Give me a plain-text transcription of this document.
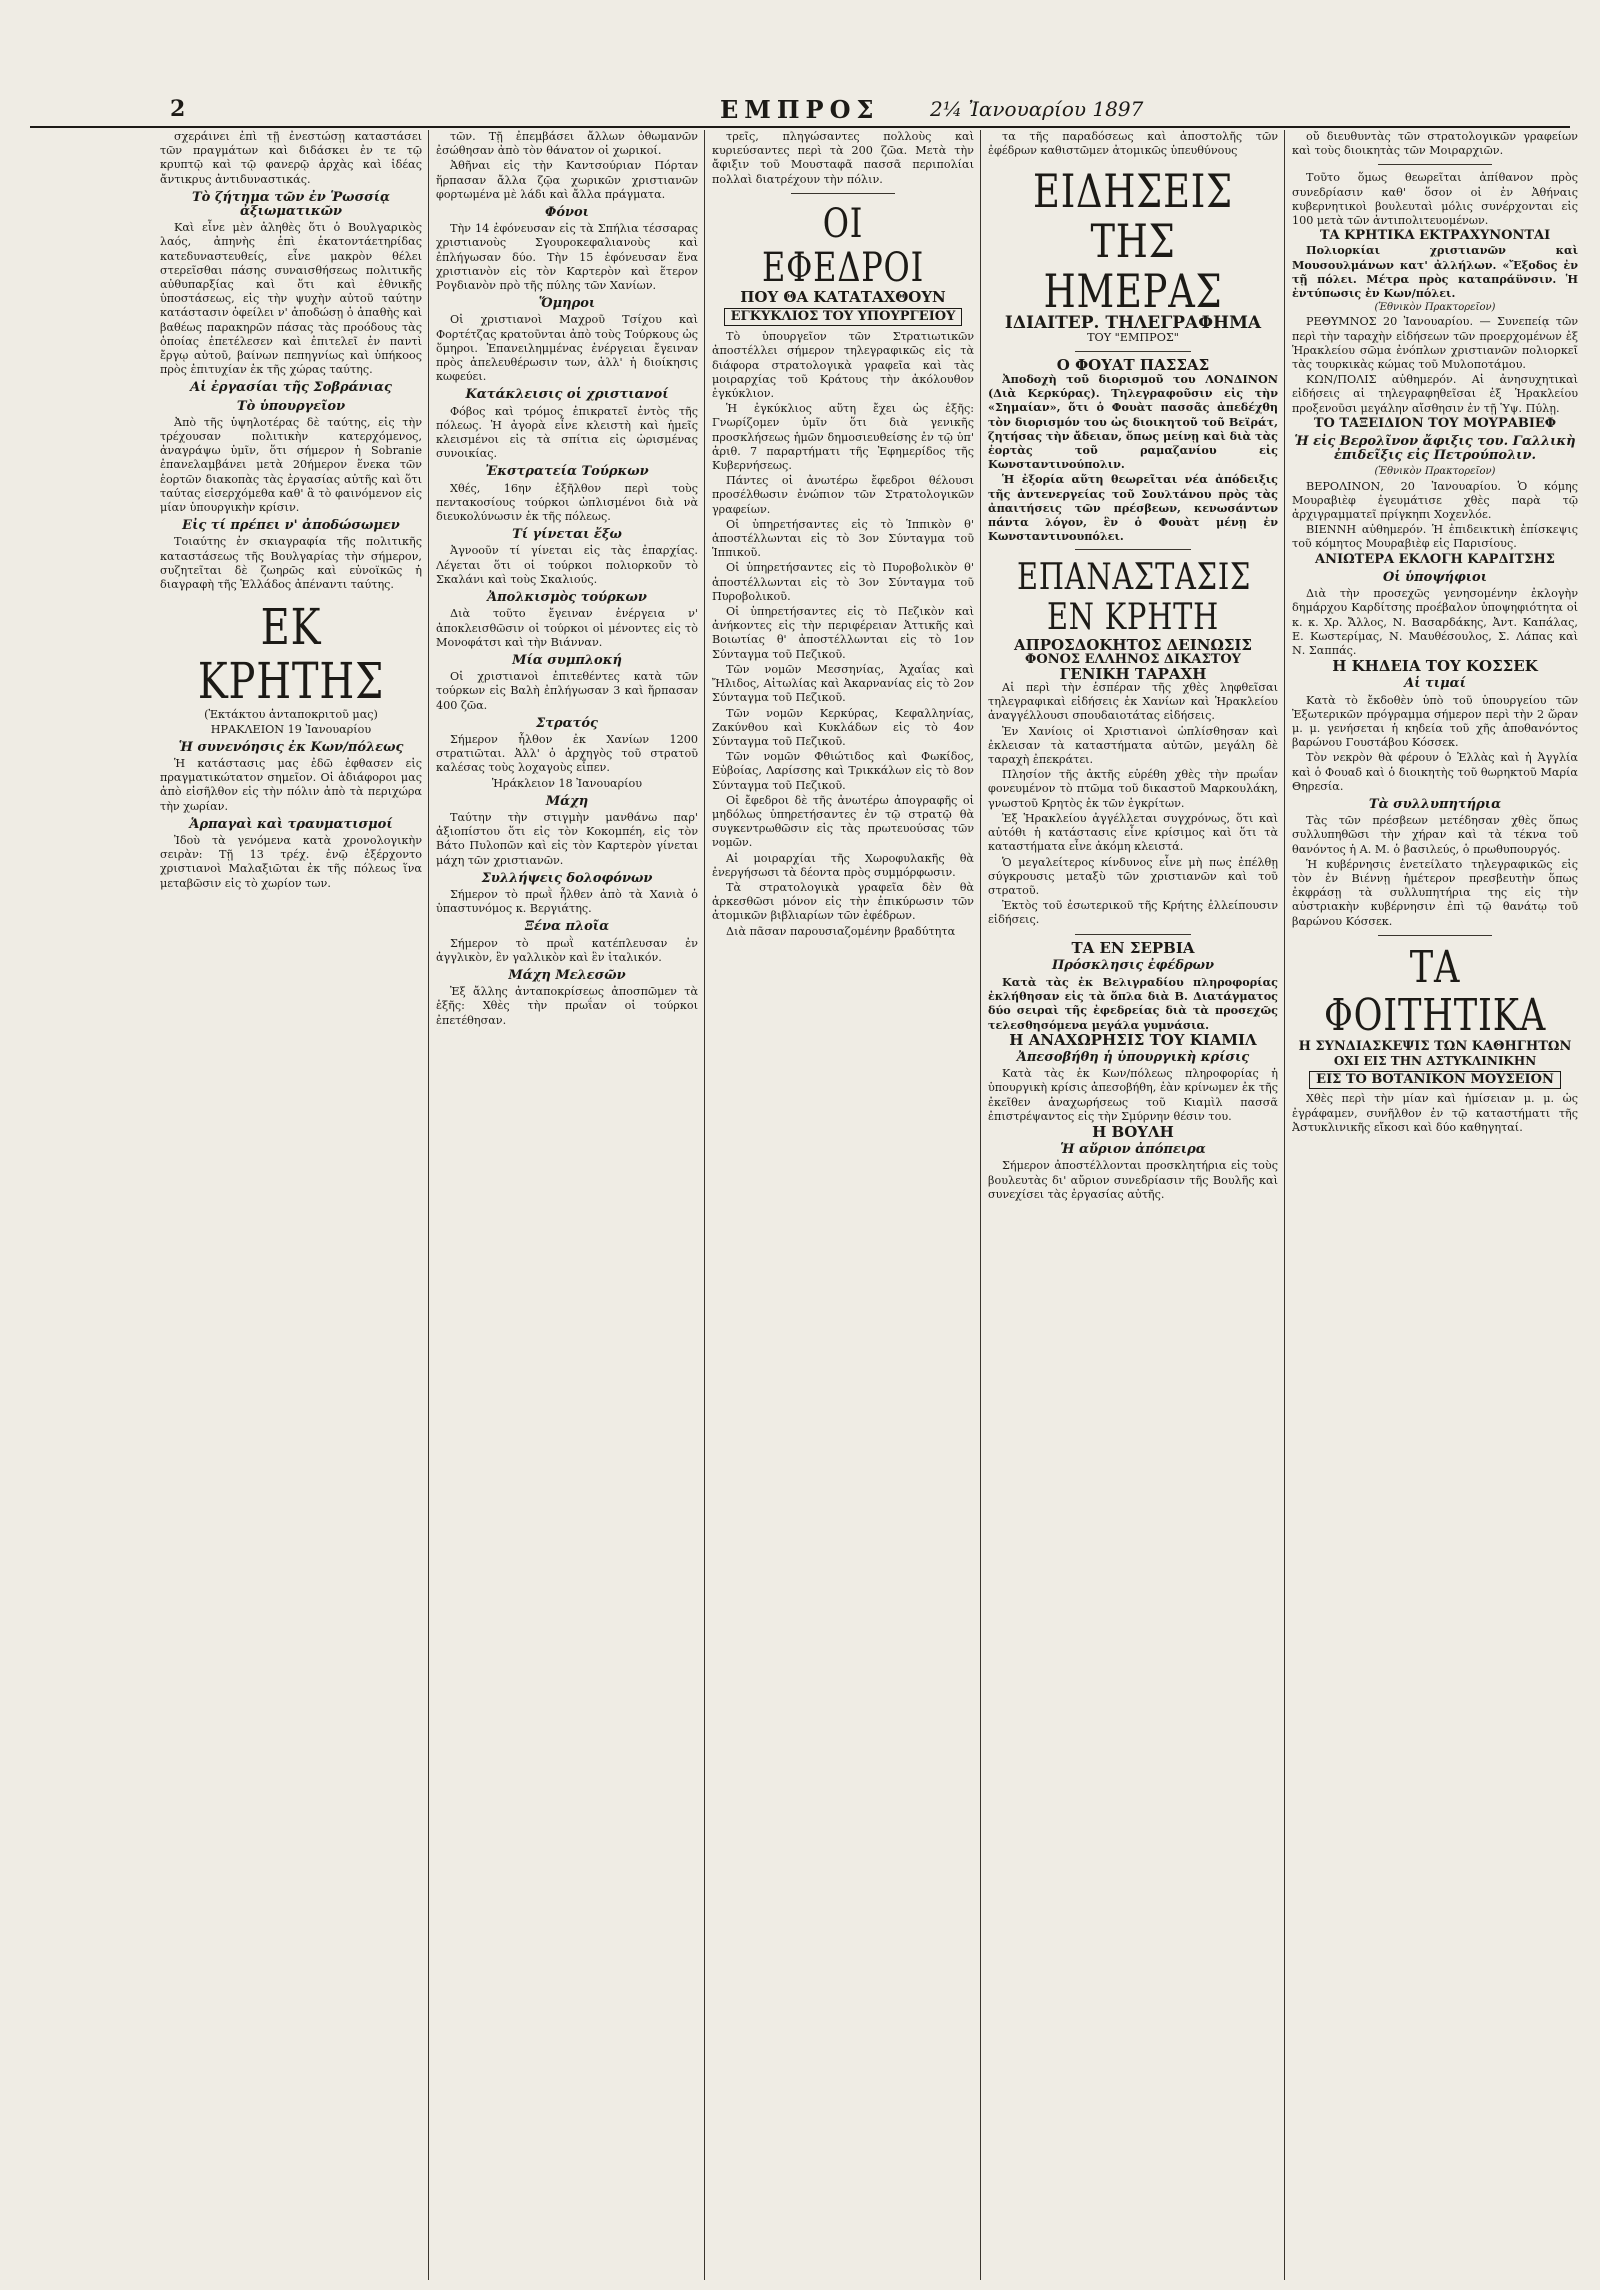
2	ΕΜΠΡΟΣ	2¼ Ἰανουαρίου 1897

σχεράινει ἐπὶ τῇ ἐνεστώσῃ καταστάσει τῶν πραγμάτων καὶ διδάσκει ἐν τε τῷ κρυπτῷ καὶ τῷ φανερῷ ἀρχὰς καὶ ἰδέας ἄντικρυς ἀντιδυναστικάς.

Τὸ ζήτημα τῶν ἐν Ῥωσσίᾳ ἀξιωματικῶν

Καὶ εἶνε μὲν ἀληθὲς ὅτι ὁ Βουλγαρικὸς λαός, ἀπηνὴς ἐπὶ ἑκατοντάετηρίδας κατεδυναστευθείς, εἶνε μακρὸν θέλει στερεῖσθαι πάσης συναισθήσεως πολιτικῆς αὐθυπαρξίας καὶ ὅτι καὶ ἐθνικῆς ὑποστάσεως, εἰς τὴν ψυχὴν αὐτοῦ ταύτην κατάστασιν ὀφείλει ν' ἀποδώσῃ ὁ ἀπαθὴς καὶ βαθέως παρακηρῶν πάσας τὰς προόδους τὰς ὁποίας ἐπετέλεσεν καὶ ἐπιτελεῖ ἐν παντὶ ἔργῳ αὐτοῦ, βαίνων πεπηγνίως καὶ ὑπήκοος πρὸς ἐπιτυχίαν ἐκ τῆς χώρας ταύτης.

Αἱ ἐργασίαι τῆς Σοβράνιας
Τὸ ὑπουργεῖον

Ἀπὸ τῆς ὑψηλοτέρας δὲ ταύτης, εἰς τὴν τρέχουσαν πολιτικὴν κατερχόμενος, ἀναγράψω ὑμῖν, ὅτι σήμερον ἡ Sobranie ἐπανελαμβάνει μετὰ 20ήμερον ἕνεκα τῶν ἑορτῶν διακοπὰς τὰς ἐργασίας αὐτῆς καὶ ὅτι ταύτας εἰσερχόμεθα καθ' ἃ τὸ φαινόμενον εἰς μίαν ὑπουργικὴν κρίσιν.

Εἰς τί πρέπει ν' ἀποδώσωμεν

Τοιαύτης ἐν σκιαγραφία τῆς πολιτικῆς καταστάσεως τῆς Βουλγαρίας τὴν σήμερον, συζητεῖται δὲ ζωηρῶς καὶ εὐνοϊκῶς ἡ διαγραφὴ τῆς Ἑλλάδος ἀπέναντι ταύτης.

ΕΚ ΚΡΗΤΗΣ
(Ἐκτάκτου ἀνταποκριτοῦ μας)
ΗΡΑΚΛΕΙΟΝ 19 Ἰανουαρίου
Ἡ συνενόησις ἐκ Κων/πόλεως

Ἡ κατάστασις μας ἐδῶ ἐφθασεν εἰς πραγματικώτατον σημεῖον. Οἱ ἀδιάφοροι μας ἀπὸ εἰσῆλθον εἰς τὴν πόλιν ἀπὸ τὰ περιχώρα τὴν χωρίαν.

Ἁρπαγαὶ καὶ τραυματισμοί

Ἰδοὺ τὰ γενόμενα κατὰ χρονολογικὴν σειρὰν: Τῇ 13 τρέχ. ἐνῷ ἐξέρχοντο χριστιανοὶ Μαλαξιῶται ἐκ τῆς πόλεως ἵνα μεταβῶσιν εἰς τὸ χωρίον των.

τῶν. Τῇ ἐπεμβάσει ἄλλων ὀθωμανῶν ἐσώθησαν ἀπὸ τὸν θάνατον οἱ χωρικοί.

Ἀθῆναι εἰς τὴν Καντσούριαν Πόρταν ἥρπασαν ἄλλα ζῷα χωρικῶν χριστιανῶν φορτωμένα μὲ λάδι καὶ ἄλλα πράγματα.

Φόνοι

Τὴν 14 ἐφόνευσαν εἰς τὰ Σπήλια τέσσαρας χριστιανοὺς Σγουροκεφαλιανοὺς καὶ ἐπλήγωσαν δύο. Τὴν 15 ἐφόνευσαν ἕνα χριστιανὸν εἰς τὸν Καρτερὸν καὶ ἕτερον Ρογδιανὸν πρὸ τῆς πύλης τῶν Χανίων.

Ὅμηροι

Οἱ χριστιανοὶ Μαχροῦ Τσίχου καὶ Φορτέτζας κρατοῦνται ἀπὸ τοὺς Τούρκους ὡς ὅμηροι. Ἐπανειλημμένας ἐνέργειαι ἔγειναν πρὸς ἀπελευθέρωσιν των, ἀλλ' ἡ διοίκησις κωφεύει.

Κατάκλεισις οἱ χριστιανοί

Φόβος καὶ τρόμος ἐπικρατεῖ ἐντὸς τῆς πόλεως. Ἡ ἀγορὰ εἶνε κλειστὴ καὶ ἡμεῖς κλεισμένοι εἰς τὰ σπίτια εἰς ὡρισμένας συνοικίας.

Ἐκστρατεία Τούρκων

Χθές, 16ην ἐξῆλθον περὶ τοὺς πεντακοσίους τούρκοι ὡπλισμένοι διὰ νὰ διευκολύνωσιν ἐκ τῆς πόλεως.

Τί γίνεται ἔξω

Ἀγνοοῦν τί γίνεται εἰς τὰς ἐπαρχίας. Λέγεται ὅτι οἱ τούρκοι πολιορκοῦν τὸ Σκαλάνι καὶ τοὺς Σκαλιούς.

Ἀπολκισμὸς τούρκων

Διὰ τοῦτο ἔγειναν ἐνέργεια ν' ἀποκλεισθῶσιν οἱ τούρκοι οἱ μένοντες εἰς τὸ Μονοφάτσι καὶ τὴν Βιάνναν.

Μία συμπλοκή

Οἱ χριστιανοὶ ἐπιτεθέντες κατὰ τῶν τούρκων εἰς Βαλὴ ἐπλήγωσαν 3 καὶ ἥρπασαν 400 ζῶα.

Στρατός

Σήμερον ἦλθον ἐκ Χανίων 1200 στρατιῶται. Ἀλλ' ὁ ἀρχηγὸς τοῦ στρατοῦ καλέσας τοὺς λοχαγοὺς εἶπεν.

Ἡράκλειον 18 Ἰανουαρίου
Μάχη

Ταύτην τὴν στιγμὴν μανθάνω παρ' ἀξιοπίστου ὅτι εἰς τὸν Κοκομπέη, εἰς τὸν Βάτο Πυλοπῶν καὶ εἰς τὸν Καρτερὸν γίνεται μάχη τῶν χριστιανῶν.

Συλλήψεις δολοφόνων

Σήμερον τὸ πρωῒ ἦλθεν ἀπὸ τὰ Χανιὰ ὁ ὑπαστυνόμος κ. Βεργιάτης.

Ξένα πλοῖα

Σήμερον τὸ πρωῒ κατέπλευσαν ἐν ἀγγλικὸν, ἓν γαλλικὸν καὶ ἓν ἰταλικόν.

Μάχη Μελεσῶν

Ἐξ ἄλλης ἀνταποκρίσεως ἀποσπῶμεν τὰ ἑξῆς: Χθὲς τὴν πρωΐαν οἱ τούρκοι ἐπετέθησαν.

τρεῖς, πληγώσαντες πολλοὺς καὶ κυριεύσαντες περὶ τὰ 200 ζῶα. Μετὰ τὴν ἄφιξιν τοῦ Μουσταφᾶ πασσᾶ περιπολίαι πολλαὶ διατρέχουν τὴν πόλιν.

ΟΙ ΕΦΕΔΡΟΙ
ΠΟΥ ΘΑ ΚΑΤΑΤΑΧΘΟΥΝ
ΕΓΚΥΚΛΙΟΣ ΤΟΥ ΥΠΟΥΡΓΕΙΟΥ

Τὸ ὑπουργεῖον τῶν Στρατιωτικῶν ἀποστέλλει σήμερον τηλεγραφικῶς εἰς τὰ διάφορα στρατολογικὰ γραφεῖα καὶ τὰς μοιραρχίας τοῦ Κράτους τὴν ἀκόλουθον ἐγκύκλιον.

Ἡ ἐγκύκλιος αὕτη ἔχει ὡς ἑξῆς: Γνωρίζομεν ὑμῖν ὅτι διὰ γενικῆς προσκλήσεως ἡμῶν δημοσιευθείσης ἐν τῷ ὑπ' ἀριθ. 7 παραρτήματι τῆς Ἐφημερίδος τῆς Κυβερνήσεως.

Πάντες οἱ ἀνωτέρω ἔφεδροι θέλουσι προσέλθωσιν ἐνώπιον τῶν Στρατολογικῶν γραφείων.

Οἱ ὑπηρετήσαντες εἰς τὸ Ἱππικὸν θ' ἀποστέλλωνται εἰς τὸ 3ον Σύνταγμα τοῦ Ἱππικοῦ.

Οἱ ὑπηρετήσαντες εἰς τὸ Πυροβολικὸν θ' ἀποστέλλωνται εἰς τὸ 3ον Σύνταγμα τοῦ Πυροβολικοῦ.

Οἱ ὑπηρετήσαντες εἰς τὸ Πεζικὸν καὶ ἀνήκοντες εἰς τὴν περιφέρειαν Ἀττικῆς καὶ Βοιωτίας θ' ἀποστέλλωνται εἰς τὸ 1ον Σύνταγμα τοῦ Πεζικοῦ.

Τῶν νομῶν Μεσσηνίας, Ἀχαΐας καὶ Ἤλιδος, Αἰτωλίας καὶ Ἀκαρνανίας εἰς τὸ 2ον Σύνταγμα τοῦ Πεζικοῦ.

Τῶν νομῶν Κερκύρας, Κεφαλληνίας, Ζακύνθου καὶ Κυκλάδων εἰς τὸ 4ον Σύνταγμα τοῦ Πεζικοῦ.

Τῶν νομῶν Φθιώτιδος καὶ Φωκίδος, Εὐβοίας, Λαρίσσης καὶ Τρικκάλων εἰς τὸ 8ον Σύνταγμα τοῦ Πεζικοῦ.

Οἱ ἔφεδροι δὲ τῆς ἀνωτέρω ἀπογραφῆς οἱ μηδόλως ὑπηρετήσαντες ἐν τῷ στρατῷ θὰ συγκεντρωθῶσιν εἰς τὰς πρωτευούσας τῶν νομῶν.

Αἱ μοιραρχίαι τῆς Χωροφυλακῆς θὰ ἐνεργήσωσι τὰ δέοντα πρὸς συμμόρφωσιν.

Τὰ στρατολογικὰ γραφεῖα δὲν θὰ ἀρκεσθῶσι μόνον εἰς τὴν ἐπικύρωσιν τῶν ἀτομικῶν βιβλιαρίων τῶν ἐφέδρων.

Διὰ πᾶσαν παρουσιαζομένην βραδύτητα

τα τῆς παραδόσεως καὶ ἀποστολῆς τῶν ἐφέδρων καθιστῶμεν ἀτομικῶς ὑπευθύνους

ΕΙΔΗΣΕΙΣ ΤΗΣ ΗΜΕΡΑΣ
ΙΔΙΑΙΤΕΡ. ΤΗΛΕΓΡΑΦΗΜΑ
ΤΟΥ "ΕΜΠΡΟΣ"
Ο ΦΟΥΑΤ ΠΑΣΣΑΣ

Ἀποδοχὴ τοῦ διορισμοῦ του ΛΟΝΔΙΝΟΝ (Διὰ Κερκύρας). Τηλεγραφοῦσιν εἰς τὴν «Σημαίαν», ὅτι ὁ Φουὰτ πασσᾶς ἀπεδέχθη τὸν διορισμόν του ὡς διοικητοῦ τοῦ Βεϊράτ, ζητήσας τὴν ἄδειαν, ὅπως μείνῃ καὶ διὰ τὰς ἑορτὰς τοῦ ραμαζανίου εἰς Κωνσταντινούπολιν.

Ἡ ἐξορία αὕτη θεωρεῖται νέα ἀπόδειξις τῆς ἀντενεργείας τοῦ Σουλτάνου πρὸς τὰς ἀπαιτήσεις τῶν πρέσβεων, κενωσάντων πάντα λόγον, ἓν ὁ Φουὰτ μένῃ ἐν Κωνσταντινουπόλει.

ΕΠΑΝΑΣΤΑΣΙΣ ΕΝ ΚΡΗΤΗ
ΑΠΡΟΣΔΟΚΗΤΟΣ ΔΕΙΝΩΣΙΣ
ΦΟΝΟΣ ΕΛΛΗΝΟΣ ΔΙΚΑΣΤΟΥ
ΓΕΝΙΚΗ ΤΑΡΑΧΗ

Αἱ περὶ τὴν ἑσπέραν τῆς χθὲς ληφθεῖσαι τηλεγραφικαὶ εἰδήσεις ἐκ Χανίων καὶ Ἡρακλείου ἀναγγέλλουσι σπουδαιοτάτας εἰδήσεις.

Ἐν Χανίοις οἱ Χριστιανοὶ ὡπλίσθησαν καὶ ἐκλεισαν τὰ καταστήματα αὐτῶν, μεγάλη δὲ ταραχὴ ἐπεκράτει.

Πλησίον τῆς ἀκτῆς εὑρέθη χθὲς τὴν πρωΐαν φονευμένον τὸ πτῶμα τοῦ δικαστοῦ Μαρκουλάκη, γνωστοῦ Κρητὸς ἐκ τῶν ἐγκρίτων.

Ἐξ Ἡρακλείου ἀγγέλλεται συγχρόνως, ὅτι καὶ αὐτόθι ἡ κατάστασις εἶνε κρίσιμος καὶ ὅτι τὰ καταστήματα εἶνε ἀκόμη κλειστά.

Ὁ μεγαλείτερος κίνδυνος εἶνε μὴ πως ἐπέλθῃ σύγκρουσις μεταξὺ τῶν χριστιανῶν καὶ τοῦ στρατοῦ.

Ἐκτὸς τοῦ ἐσωτερικοῦ τῆς Κρήτης ἐλλείπουσιν εἰδήσεις.

ΤΑ ΕΝ ΣΕΡΒΙΑ
Πρόσκλησις ἐφέδρων

Κατὰ τὰς ἐκ Βελιγραδίου πληροφορίας ἐκλήθησαν εἰς τὰ ὅπλα διὰ Β. Διατάγματος δύο σειραὶ τῆς ἐφεδρείας διὰ τὰ προσεχῶς τελεσθησόμενα μεγάλα γυμνάσια.

Η ΑΝΑΧΩΡΗΣΙΣ ΤΟΥ ΚΙΑΜΙΛ
Ἀπεσοβήθη ἡ ὑπουργικὴ κρίσις

Κατὰ τὰς ἐκ Κων/πόλεως πληροφορίας ἡ ὑπουργικὴ κρίσις ἀπεσοβήθη, ἐὰν κρίνωμεν ἐκ τῆς ἐκεῖθεν ἀναχωρήσεως τοῦ Κιαμὶλ πασσᾶ ἐπιστρέψαντος εἰς τὴν Σμύρνην θέσιν του.

Η ΒΟΥΛΗ
Ἡ αὔριον ἀπόπειρα

Σήμερον ἀποστέλλονται προσκλητήρια εἰς τοὺς βουλευτὰς δι' αὔριον συνεδρίασιν τῆς Βουλῆς καὶ συνεχίσει τὰς ἐργασίας αὐτῆς.

οὔ διευθυντὰς τῶν στρατολογικῶν γραφείων καὶ τοὺς διοικητὰς τῶν Μοιραρχιῶν.

Τοῦτο ὅμως θεωρεῖται ἀπίθανον πρὸς συνεδρίασιν καθ' ὅσον οἱ ἐν Ἀθήναις κυβερνητικοὶ βουλευταὶ μόλις συνέρχονται εἰς 100 μετὰ τῶν ἀντιπολιτευομένων.

ΤΑ ΚΡΗΤΙΚΑ ΕΚΤΡΑΧΥΝΟΝΤΑΙ

Πολιορκίαι χριστιανῶν καὶ Μουσουλμάνων κατ' ἀλλήλων. «Ἔξοδος ἐν τῇ πόλει. Μέτρα πρὸς καταπράϋνσιν. Ἡ ἐντύπωσις ἐν Κων/πόλει.

(Ἐθνικὸν Πρακτορεῖον)

ΡΕΘΥΜΝΟΣ 20 Ἰανουαρίου. — Συνεπείᾳ τῶν περὶ τὴν ταραχὴν εἰδήσεων τῶν προερχομένων ἐξ Ἡρακλείου σῶμα ἐνόπλων χριστιανῶν πολιορκεῖ τὰς τουρκικὰς κώμας τοῦ Μυλοποτάμου.

ΚΩΝ/ΠΟΛΙΣ αὐθημερόν. Αἱ ἀνησυχητικαὶ εἰδήσεις αἱ τηλεγραφηθεῖσαι ἐξ Ἡρακλείου προξενοῦσι μεγάλην αἴσθησιν ἐν τῇ Ὑψ. Πύλῃ.

ΤΟ ΤΑΞΕΙΔΙΟΝ ΤΟΥ ΜΟΥΡΑΒΙΕΦ
Ἡ εἰς Βερολῖνον ἄφιξις του. Γαλλικὴ ἐπιδεῖξις εἰς Πετρούπολιν.
(Ἐθνικὸν Πρακτορεῖον)

ΒΕΡΟΛΙΝΟΝ, 20 Ἰανουαρίου. Ὁ κόμης Μουραβιὲφ ἐγευμάτισε χθὲς παρὰ τῷ ἀρχιγραμματεῖ πρίγκηπι Χοχενλόε.

ΒΙΕΝΝΗ αὐθημερόν. Ἡ ἐπιδεικτικὴ ἐπίσκεψις τοῦ κόμητος Μουραβιὲφ εἰς Παρισίους.

ΑΝΙΩΤΕΡΑ ΕΚΛΟΓΗ ΚΑΡΔΙΤΣΗΣ
Οἱ ὑποψήφιοι

Διὰ τὴν προσεχῶς γενησομένην ἐκλογὴν δημάρχου Καρδίτσης προέβαλον ὑποψηφιότητα οἱ κ. κ. Χρ. Ἄλλος, Ν. Βασαρδάκης, Ἀντ. Καπάλας, Ε. Κωστερίμας, Ν. Μαυθέσουλος, Σ. Λάπας καὶ Ν. Σαππάς.

Η ΚΗΔΕΙΑ ΤΟΥ ΚΟΣΣΕΚ
Αἱ τιμαί

Κατὰ τὸ ἔκδοθὲν ὑπὸ τοῦ ὑπουργείου τῶν Ἐξωτερικῶν πρόγραμμα σήμερον περὶ τὴν 2 ὥραν μ. μ. γενήσεται ἡ κηδεία τοῦ χῆς ἀποθανόντος βαρώνου Γουστάβου Κόσσεκ.

Τὸν νεκρὸν θὰ φέρουν ὁ Ἑλλὰς καὶ ἡ Ἀγγλία καὶ ὁ Φουαδ καὶ ὁ διοικητὴς τοῦ θωρηκτοῦ Μαρία Θηρεσία.

Τὰ συλλυπητήρια

Τὰς τῶν πρέσβεων μετέδησαν χθὲς ὅπως συλλυπηθῶσι τὴν χήραν καὶ τὰ τέκνα τοῦ θανόντος ἡ Α. Μ. ὁ βασιλεύς, ὁ πρωθυπουργός.

Ἡ κυβέρνησις ἐνετείλατο τηλεγραφικῶς εἰς τὸν ἐν Βιέννῃ ἡμέτερον πρεσβευτὴν ὅπως ἐκφράσῃ τὰ συλλυπητήρια της εἰς τὴν αὐστριακὴν κυβέρνησιν ἐπὶ τῷ θανάτῳ τοῦ βαρώνου Κόσσεκ.

ΤΑ ΦΟΙΤΗΤΙΚΑ
Η ΣΥΝΔΙΑΣΚΕΨΙΣ ΤΩΝ ΚΑΘΗΓΗΤΩΝ
ΟΧΙ ΕΙΣ ΤΗΝ ΑΣΤΥΚΛΙΝΙΚΗΝ
ΕΙΣ ΤΟ ΒΟΤΑΝΙΚΟΝ ΜΟΥΣΕΙΟΝ

Χθὲς περὶ τὴν μίαν καὶ ἡμίσειαν μ. μ. ὡς ἐγράφαμεν, συνῆλθον ἐν τῷ καταστήματι τῆς Ἀστυκλινικῆς εἴκοσι καὶ δύο καθηγηταί.
